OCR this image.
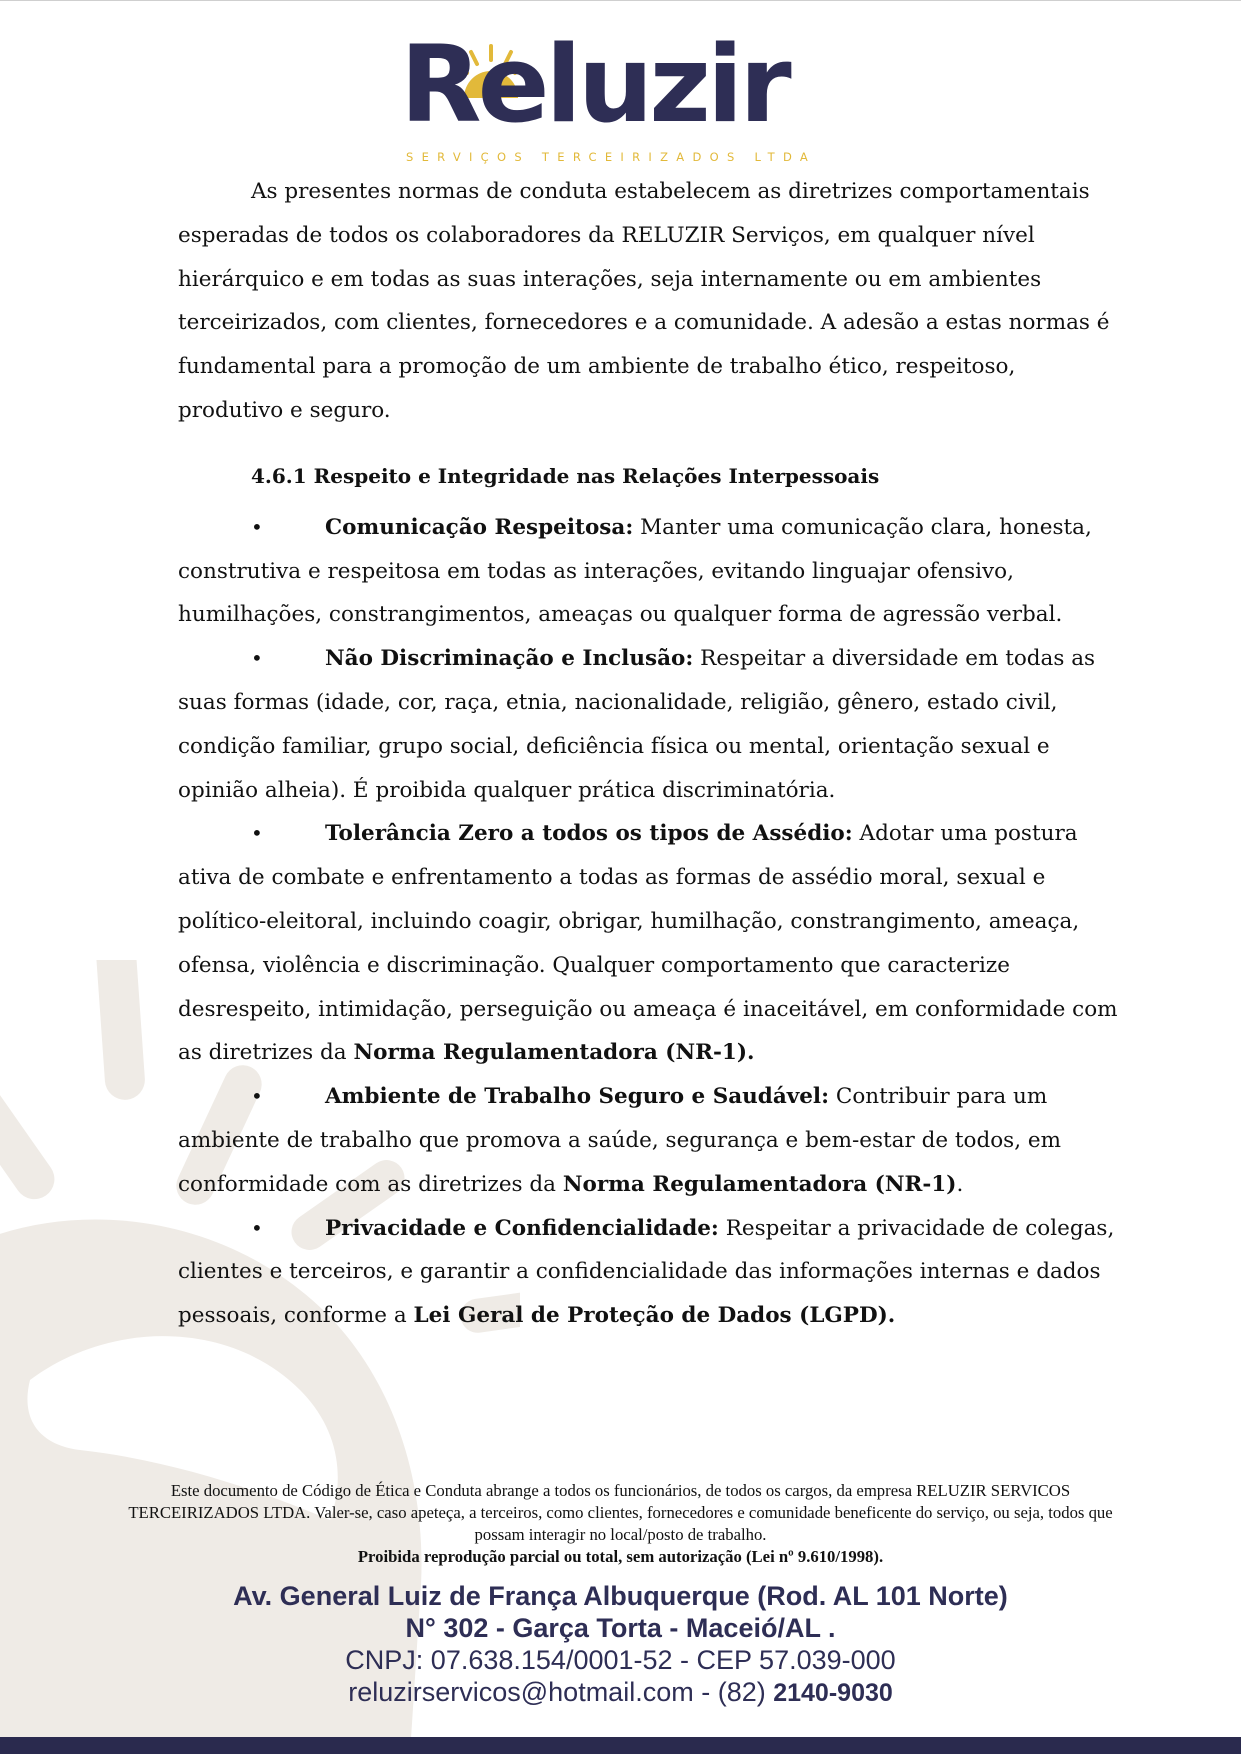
Reluzir
SERVIÇOS TERCEIRIZADOS LTDA

As presentes normas de conduta estabelecem as diretrizes comportamentais esperadas de todos os colaboradores da RELUZIR Serviços, em qualquer nível hierárquico e em todas as suas interações, seja internamente ou em ambientes terceirizados, com clientes, fornecedores e a comunidade. A adesão a estas normas é fundamental para a promoção de um ambiente de trabalho ético, respeitoso, produtivo e seguro.

4.6.1 Respeito e Integridade nas Relações Interpessoais

•	Comunicação Respeitosa: Manter uma comunicação clara, honesta, construtiva e respeitosa em todas as interações, evitando linguajar ofensivo, humilhações, constrangimentos, ameaças ou qualquer forma de agressão verbal.

•	Não Discriminação e Inclusão: Respeitar a diversidade em todas as suas formas (idade, cor, raça, etnia, nacionalidade, religião, gênero, estado civil, condição familiar, grupo social, deficiência física ou mental, orientação sexual e opinião alheia). É proibida qualquer prática discriminatória.

•	Tolerância Zero a todos os tipos de Assédio: Adotar uma postura ativa de combate e enfrentamento a todas as formas de assédio moral, sexual e político-eleitoral, incluindo coagir, obrigar, humilhação, constrangimento, ameaça, ofensa, violência e discriminação. Qualquer comportamento que caracterize desrespeito, intimidação, perseguição ou ameaça é inaceitável, em conformidade com as diretrizes da Norma Regulamentadora (NR-1).

•	Ambiente de Trabalho Seguro e Saudável: Contribuir para um ambiente de trabalho que promova a saúde, segurança e bem-estar de todos, em conformidade com as diretrizes da Norma Regulamentadora (NR-1).

•	Privacidade e Confidencialidade: Respeitar a privacidade de colegas, clientes e terceiros, e garantir a confidencialidade das informações internas e dados pessoais, conforme a Lei Geral de Proteção de Dados (LGPD).

Este documento de Código de Ética e Conduta abrange a todos os funcionários, de todos os cargos, da empresa RELUZIR SERVICOS TERCEIRIZADOS LTDA. Valer-se, caso apeteça, a terceiros, como clientes, fornecedores e comunidade beneficente do serviço, ou seja, todos que possam interagir no local/posto de trabalho.
Proibida reprodução parcial ou total, sem autorização (Lei nº 9.610/1998).
Av. General Luiz de França Albuquerque (Rod. AL 101 Norte)
N° 302 - Garça Torta - Maceió/AL .
CNPJ: 07.638.154/0001-52 - CEP 57.039-000
reluzirservicos@hotmail.com - (82) 2140-9030
